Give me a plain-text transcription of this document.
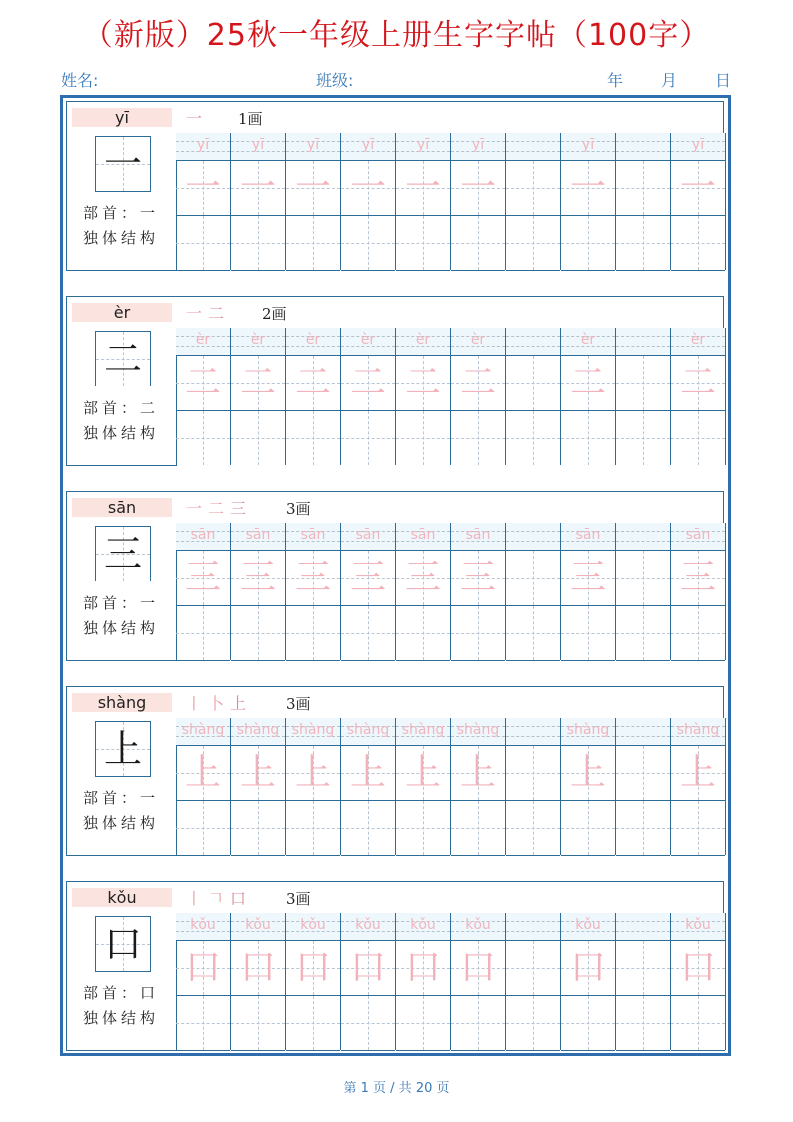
（新版）25秋一年级上册生字字帖（100字）
姓名:	班级:	年 月 日
yī
一
部首：一
独体结构
一 1画
yī
一
yī
一
yī
一
yī
一
yī
一
yī
一
yī
一
yī
一
èr
二
部首：二
独体结构
一二 2画
èr
二
èr
二
èr
二
èr
二
èr
二
èr
二
èr
二
èr
二
sān
三
部首：一
独体结构
一二三 3画
sān
三
sān
三
sān
三
sān
三
sān
三
sān
三
sān
三
sān
三
shàng
上
部首：一
独体结构
丨卜上 3画
shàng
上
shàng
上
shàng
上
shàng
上
shàng
上
shàng
上
shàng
上
shàng
上
kǒu
口
部首：口
独体结构
丨𠃍口 3画
kǒu
口
kǒu
口
kǒu
口
kǒu
口
kǒu
口
kǒu
口
kǒu
口
kǒu
口
第 1 页 / 共 20 页
